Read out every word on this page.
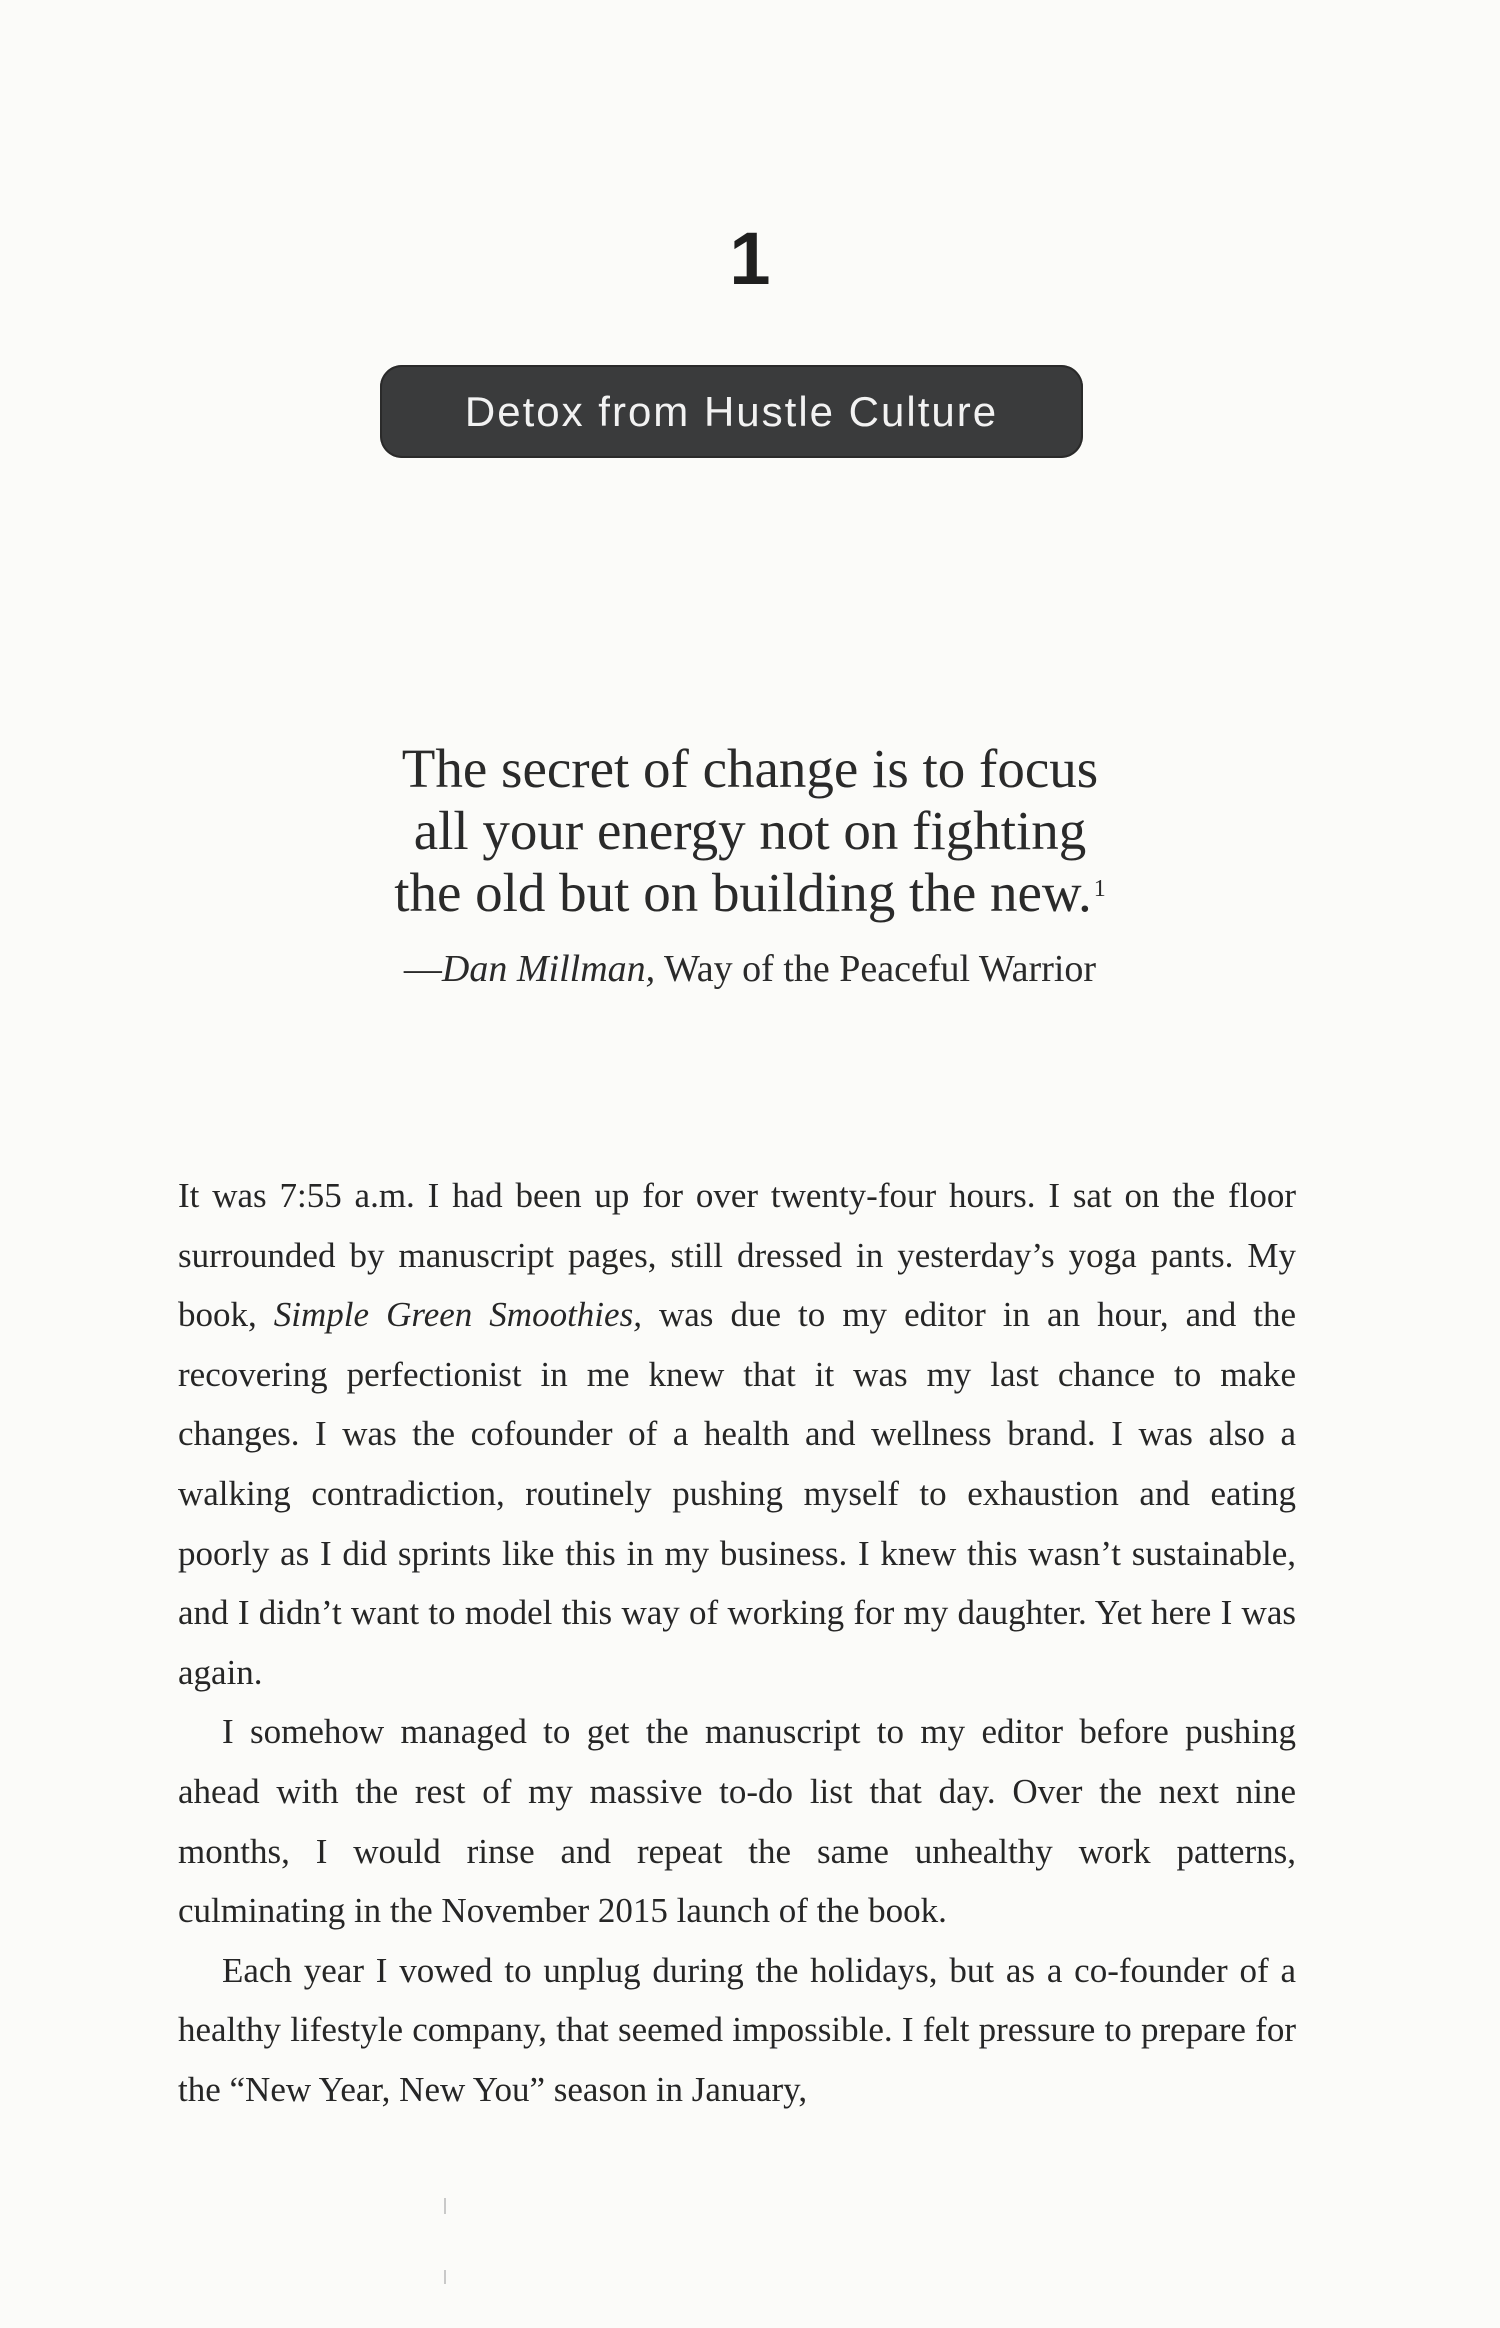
1
Detox from Hustle Culture
The secret of change is to focus
all your energy not on fighting
the old but on building the new.$^1$
—Dan Millman, Way of the Peaceful Warrior

It was 7:55 a.m. I had been up for over twenty-four hours. I sat on the floor surrounded by manuscript pages, still dressed in yesterday’s yoga pants. My book, Simple Green Smoothies, was due to my editor in an hour, and the recovering perfectionist in me knew that it was my last chance to make changes. I was the cofounder of a health and wellness brand. I was also a walking contradiction, routinely pushing myself to exhaustion and eating poorly as I did sprints like this in my business. I knew this wasn’t sustainable, and I didn’t want to model this way of working for my daughter. Yet here I was again.

I somehow managed to get the manuscript to my editor before pushing ahead with the rest of my massive to-do list that day. Over the next nine months, I would rinse and repeat the same unhealthy work patterns, culminating in the November 2015 launch of the book.

Each year I vowed to unplug during the holidays, but as a co-founder of a healthy lifestyle company, that seemed impossible. I felt pressure to prepare for the “New Year, New You” season in January,
